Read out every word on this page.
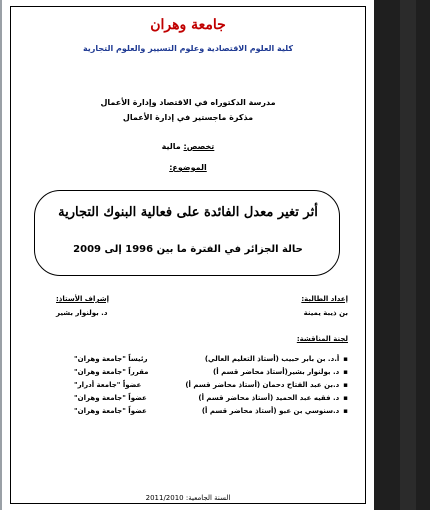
جامعة وهران
كلية العلوم الاقتصادية وعلوم التسيير والعلوم التجارية
مدرسة الدكتوراه في الاقتصاد وإدارة الأعمال
مذكرة ماجستير في إدارة الأعمال
تخصص: مالية
الموضوع:
أثر تغير معدل الفائدة على فعالية البنوك التجارية
حالة الجزائر في الفترة ما بين 1996 إلى 2009
إعداد الطالبة:
بن ذيبة يمينة
إشراف الأستاذ:
د. بولنوار بشير
لجنة المناقشة:
▪أ.د. بن بابر حبيب (أستاذ التعليم العالي)
رئيساً "جامعة وهران"
▪د. بولنوار بشير(أستاذ محاضر قسم أ)
مقرراً "جامعة وهران"
▪د.بن عبد الفتاح دحمان (أستاذ محاضر قسم أ)
عضواً "جامعة أدرار"
▪د. فقيه عبد الحميد (أستاذ محاضر قسم أ)
عضواً "جامعة وهران"
▪د.سنوسي بن عبو (أستاذ محاضر قسم أ)
عضواً "جامعة وهران"
السنة الجامعية: 2011/2010
